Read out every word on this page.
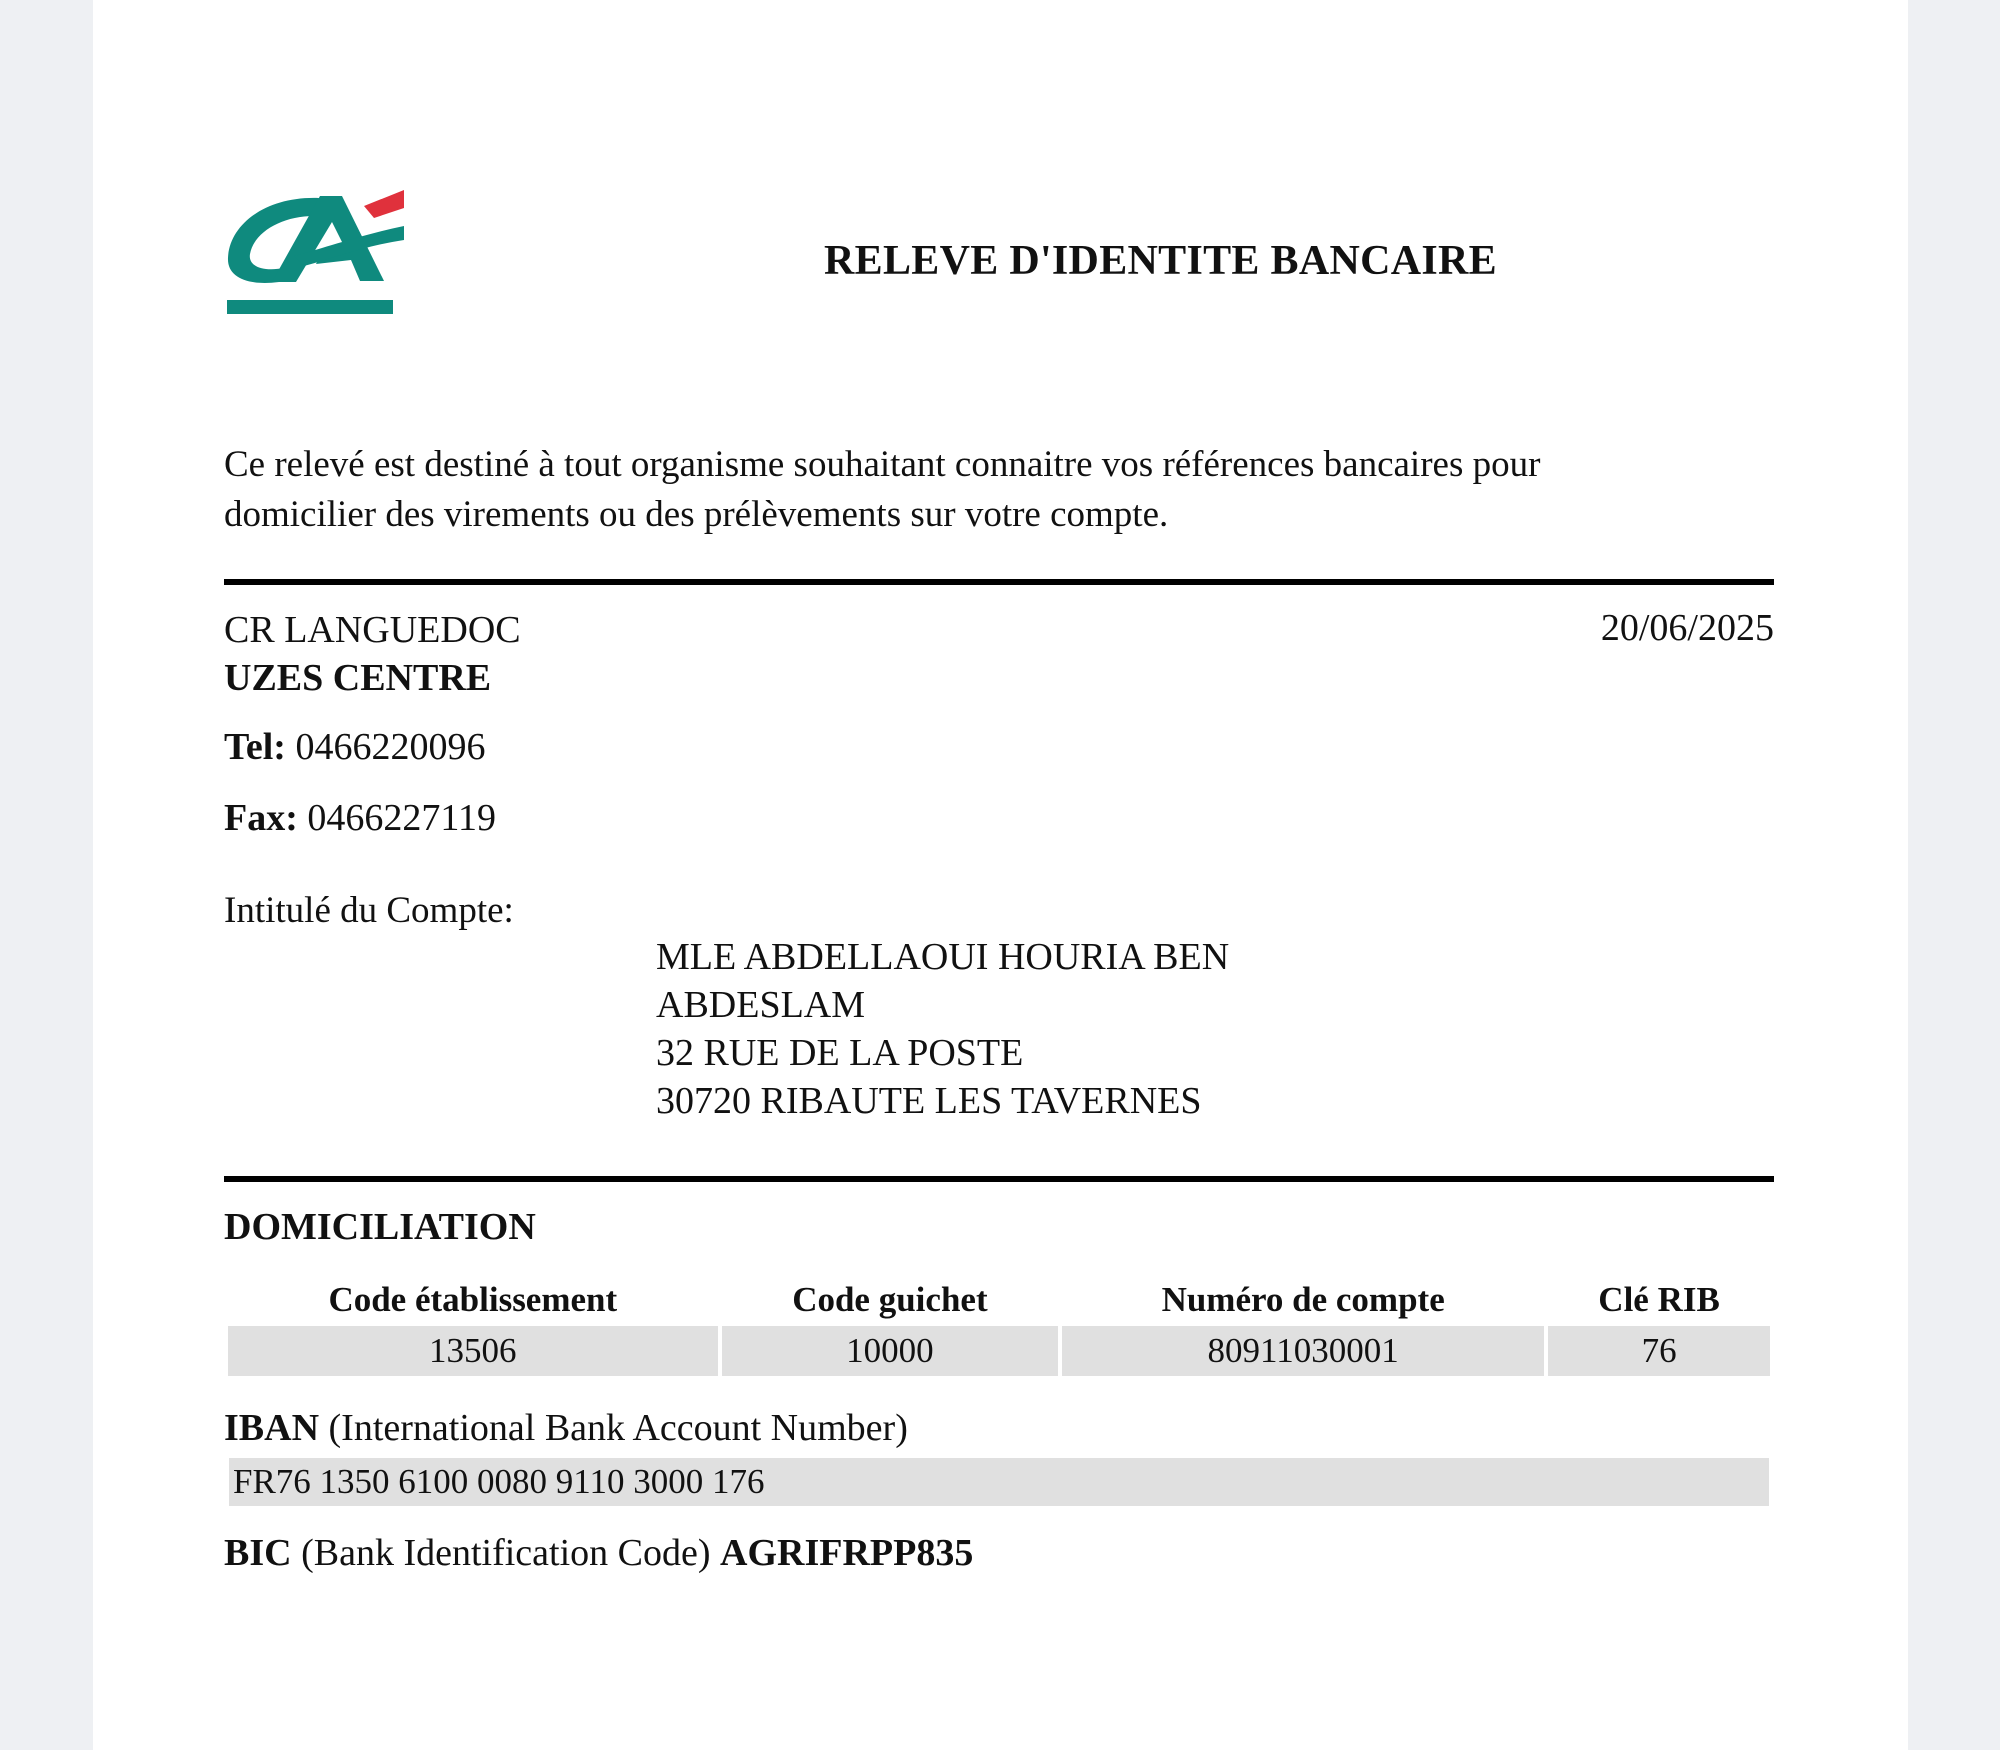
RELEVE D'IDENTITE BANCAIRE
Ce relevé est destiné à tout organisme souhaitant connaitre vos références bancaires pour
domicilier des virements ou des prélèvements sur votre compte.
CR LANGUEDOC
UZES CENTRE
20/06/2025
Tel: 0466220096
Fax: 0466227119
Intitulé du Compte:
MLE ABDELLAOUI HOURIA BEN
ABDESLAM
32 RUE DE LA POSTE
30720 RIBAUTE LES TAVERNES
DOMICILIATION
Code établissement	Code guichet	Numéro de compte	Clé RIB
13506	10000	80911030001	76
IBAN (International Bank Account Number)
FR76 1350 6100 0080 9110 3000 176
BIC (Bank Identification Code) AGRIFRPP835
